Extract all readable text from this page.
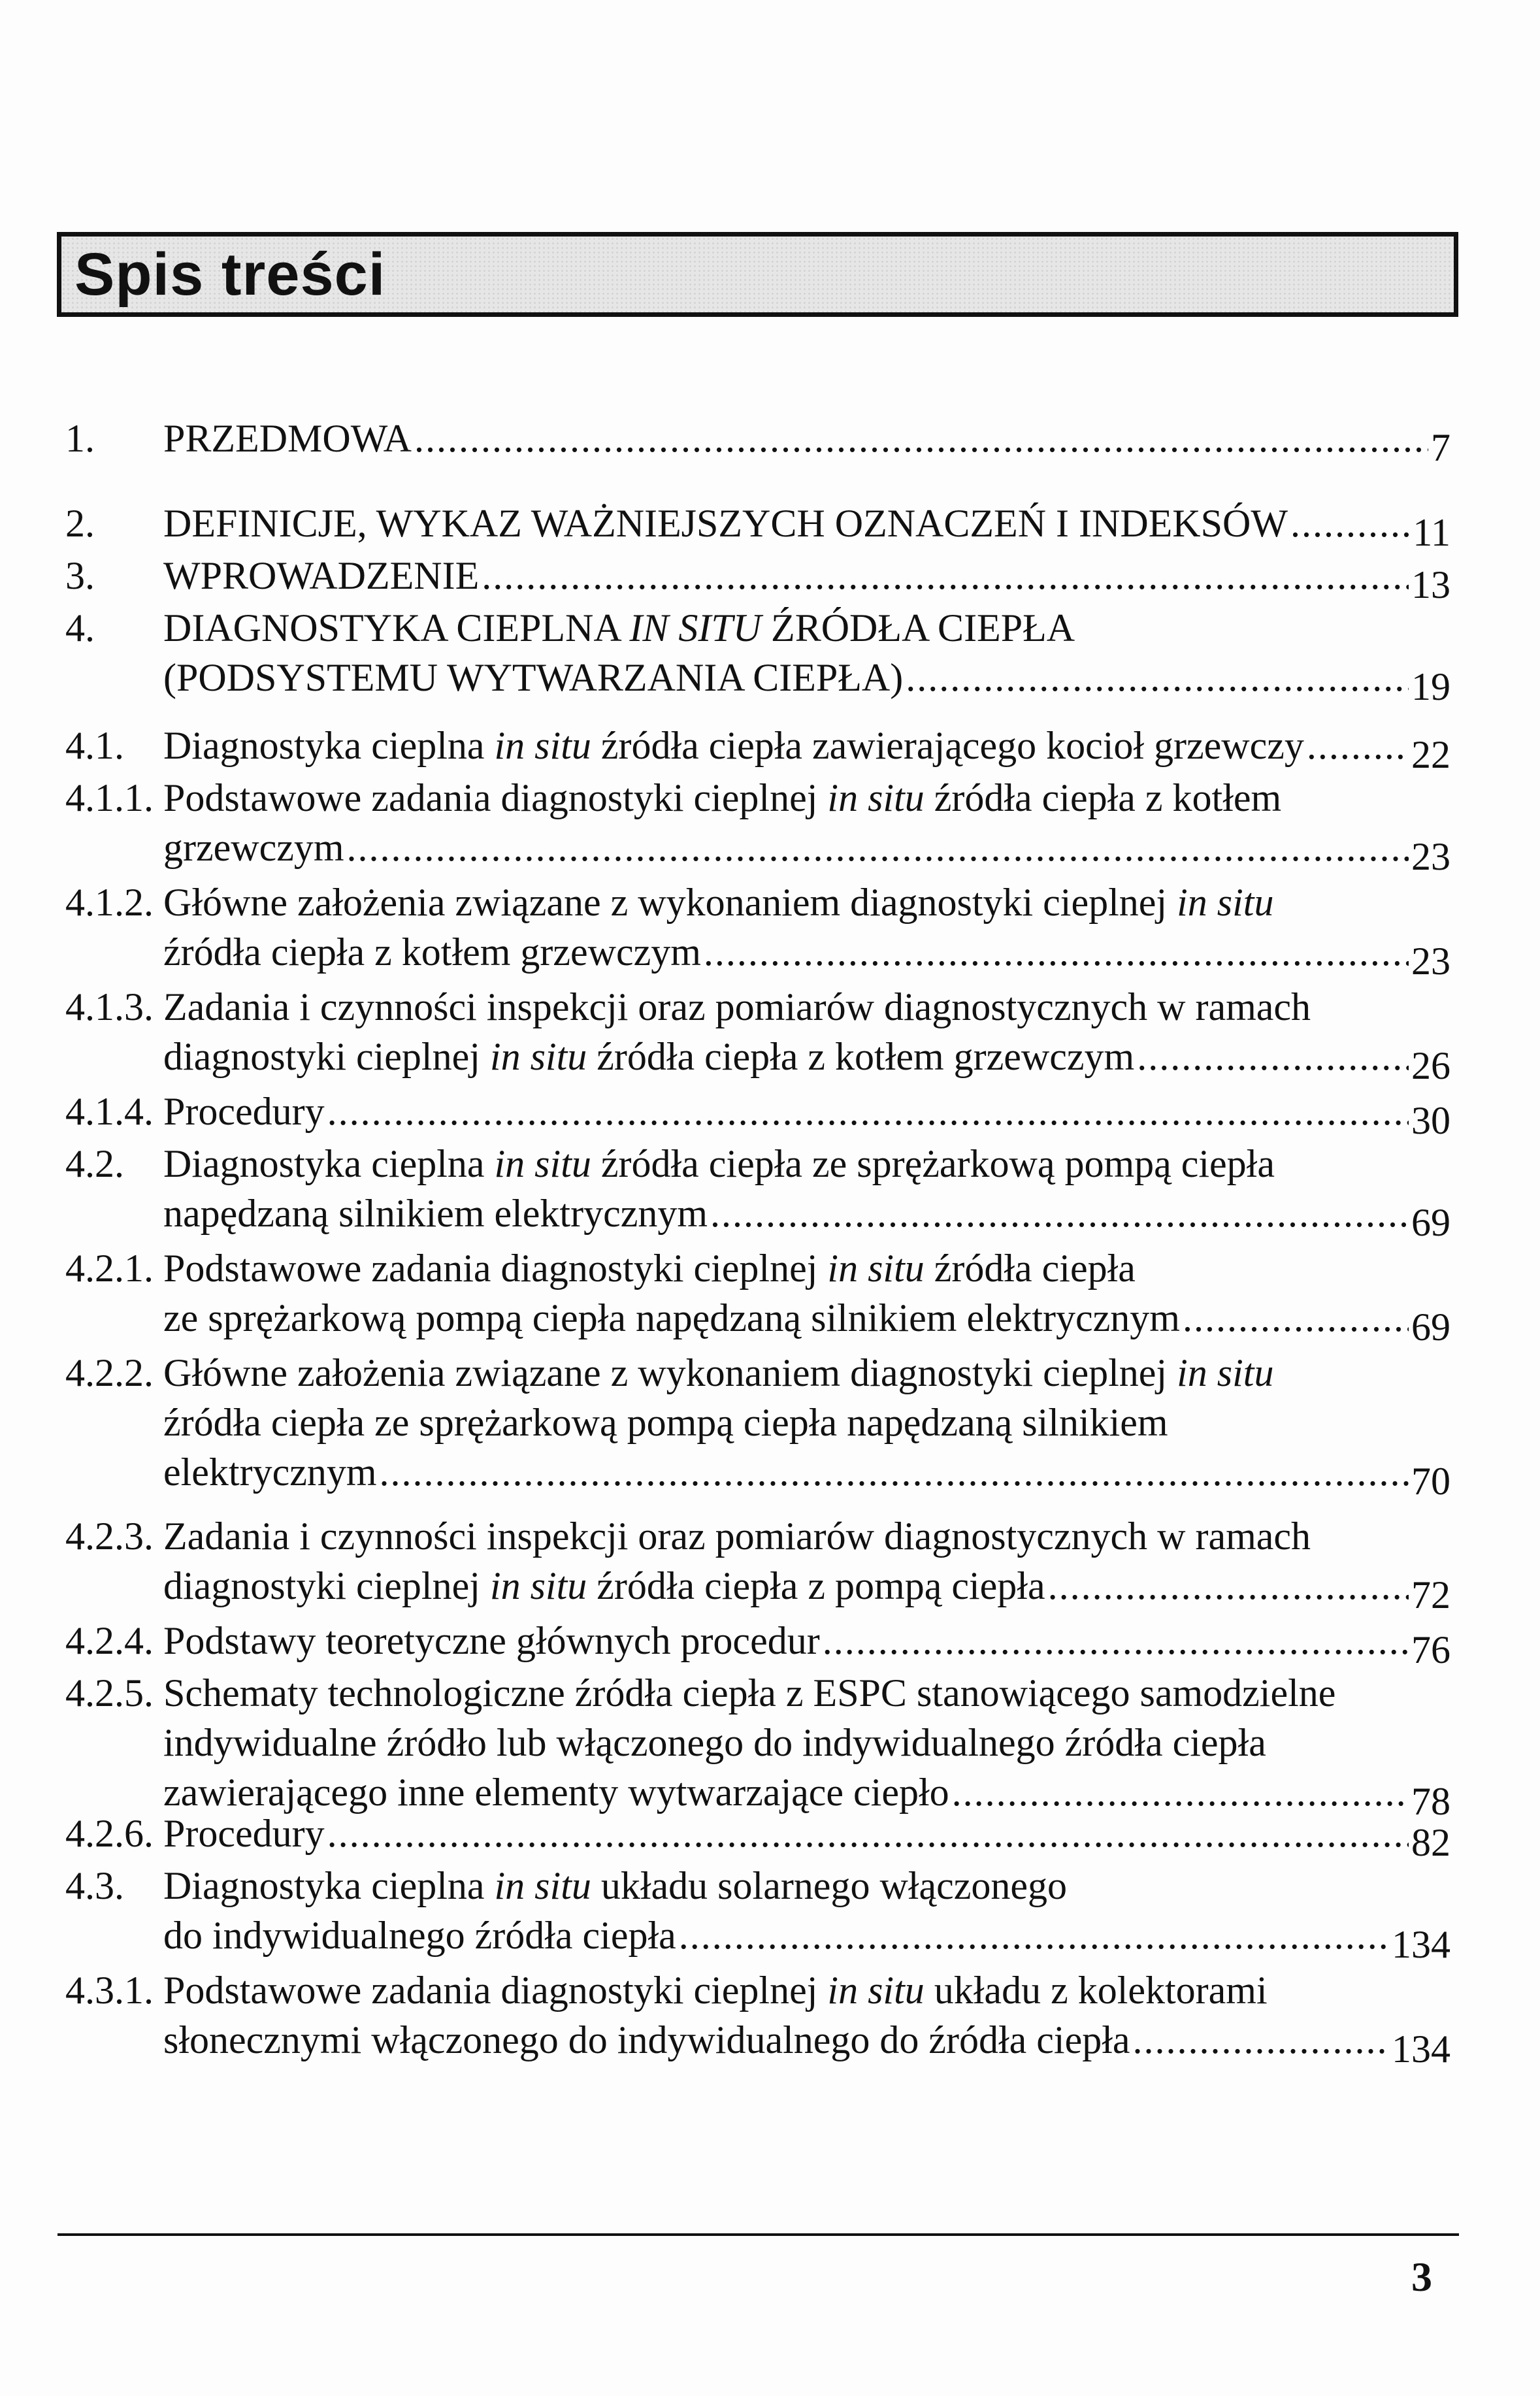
Spis treści
1. PRZEDMOWA .....	7
2. DEFINICJE, WYKAZ WAŻNIEJSZYCH OZNACZEŃ I INDEKSÓW .....	11
3. WPROWADZENIE .....	13
4. DIAGNOSTYKA CIEPLNA IN SITU ŹRÓDŁA CIEPŁA
(PODSYSTEMU WYTWARZANIA CIEPŁA) .....	19
4.1. Diagnostyka cieplna in situ źródła ciepła zawierającego kocioł grzewczy .....	22
4.1.1. Podstawowe zadania diagnostyki cieplnej in situ źródła ciepła z kotłem
grzewczym .....	23
4.1.2. Główne założenia związane z wykonaniem diagnostyki cieplnej in situ
źródła ciepła z kotłem grzewczym .....	23
4.1.3. Zadania i czynności inspekcji oraz pomiarów diagnostycznych w ramach
diagnostyki cieplnej in situ źródła ciepła z kotłem grzewczym .....	26
4.1.4. Procedury .....	30
4.2. Diagnostyka cieplna in situ źródła ciepła ze sprężarkową pompą ciepła
napędzaną silnikiem elektrycznym .....	69
4.2.1. Podstawowe zadania diagnostyki cieplnej in situ źródła ciepła
ze sprężarkową pompą ciepła napędzaną silnikiem elektrycznym .....	69
4.2.2. Główne założenia związane z wykonaniem diagnostyki cieplnej in situ
źródła ciepła ze sprężarkową pompą ciepła napędzaną silnikiem
elektrycznym .....	70
4.2.3. Zadania i czynności inspekcji oraz pomiarów diagnostycznych w ramach
diagnostyki cieplnej in situ źródła ciepła z pompą ciepła .....	72
4.2.4. Podstawy teoretyczne głównych procedur .....	76
4.2.5. Schematy technologiczne źródła ciepła z ESPC stanowiącego samodzielne
indywidualne źródło lub włączonego do indywidualnego źródła ciepła
zawierającego inne elementy wytwarzające ciepło .....	78
4.2.6. Procedury .....	82
4.3. Diagnostyka cieplna in situ układu solarnego włączonego
do indywidualnego źródła ciepła .....	134
4.3.1. Podstawowe zadania diagnostyki cieplnej in situ układu z kolektorami
słonecznymi włączonego do indywidualnego do źródła ciepła .....	134
3
